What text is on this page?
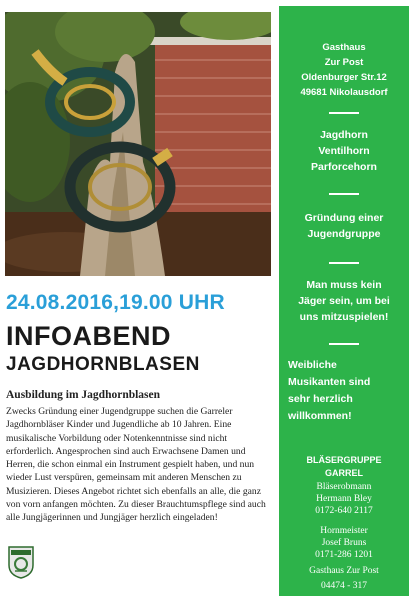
Gasthaus
Zur Post
Oldenburger Str.12
49681 Nikolausdorf
Jagdhorn
Ventilhorn
Parforcehorn
Gründung einer
Jugendgruppe
Man muss kein
Jäger sein, um bei
uns mitzuspielen!
Weibliche
Musikanten sind
sehr herzlich
willkommen!
BLÄSERGRUPPE
GARREL
Bläserobmann
Hermann Bley
0172-640 2117
Hornmeister
Josef Bruns
0171-286 1201
Gasthaus Zur Post
04474 - 317
24.08.2016,19.00 UHR
INFOABEND
JAGDHORNBLASEN
Ausbildung im Jagdhornblasen
Zwecks Gründung einer Jugendgruppe suchen die Garreler
Jagdhornbläser Kinder und Jugendliche ab 10 Jahren. Eine
musikalische Vorbildung oder Notenkenntnisse sind nicht
erforderlich. Angesprochen sind auch Erwachsene Damen und
Herren, die schon einmal ein Instrument gespielt haben, und nun
wieder Lust verspüren, gemeinsam mit anderen Menschen zu
Musizieren. Dieses Angebot richtet sich ebenfalls an alle, die ganz
von vorn anfangen möchten. Zu dieser Brauchtumspflege sind auch
alle Jungjägerinnen und Jungjäger herzlich eingeladen!
